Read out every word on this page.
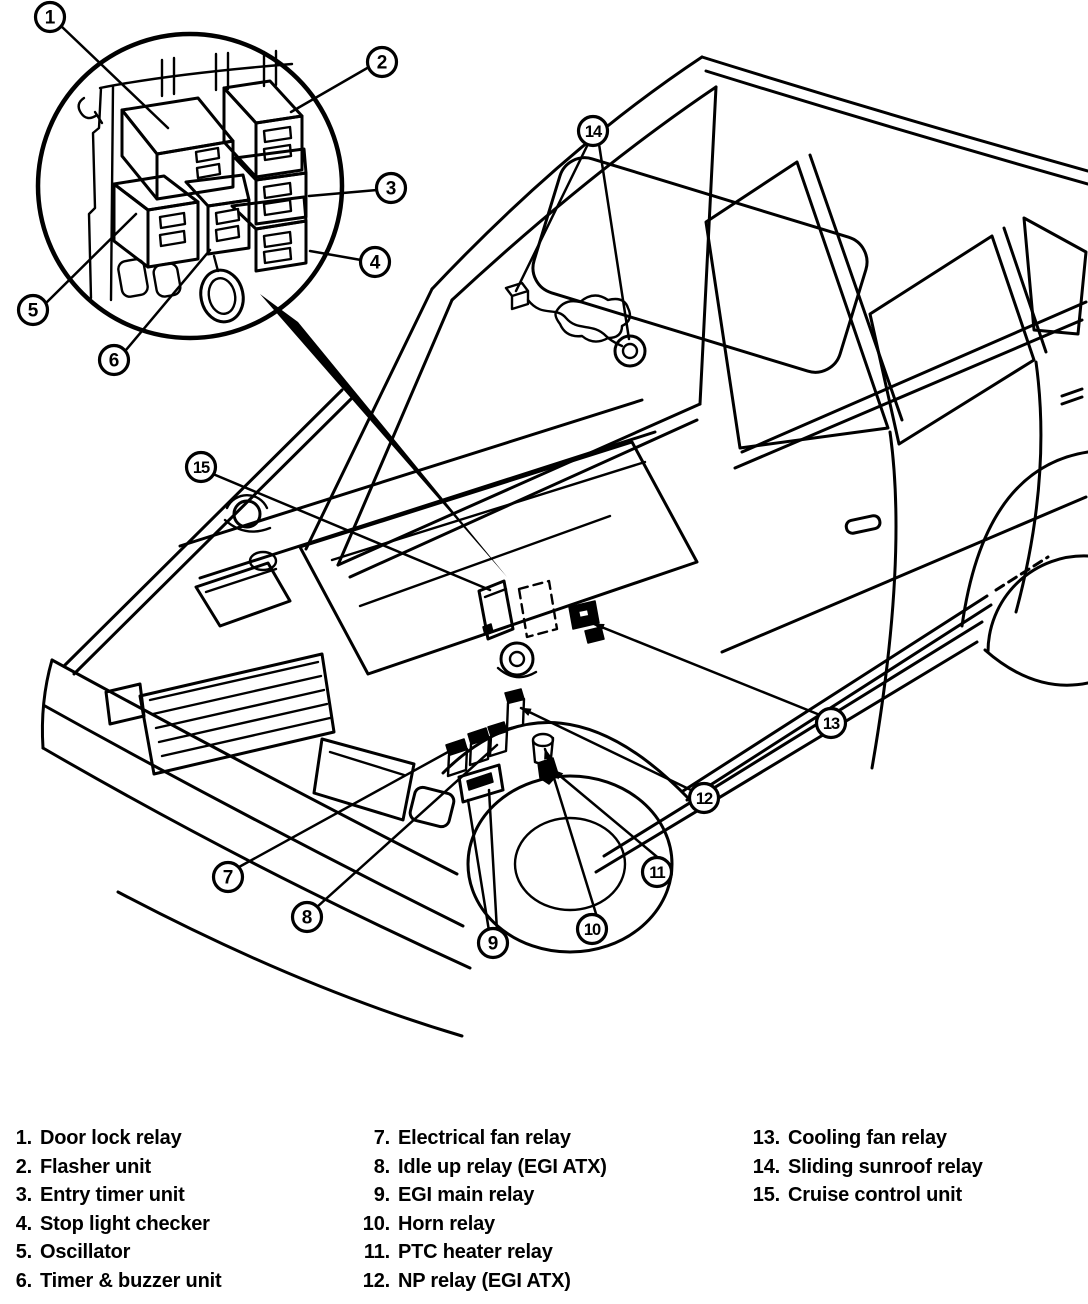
1
2
3
4
5
6
7
8
9
10
11
12
13
14
15
1. Door lock relay
2. Flasher unit
3. Entry timer unit
4. Stop light checker
5. Oscillator
6. Timer & buzzer unit
7. Electrical fan relay
8. Idle up relay (EGI ATX)
9. EGI main relay
10. Horn relay
11. PTC heater relay
12. NP relay (EGI ATX)
13. Cooling fan relay
14. Sliding sunroof relay
15. Cruise control unit
